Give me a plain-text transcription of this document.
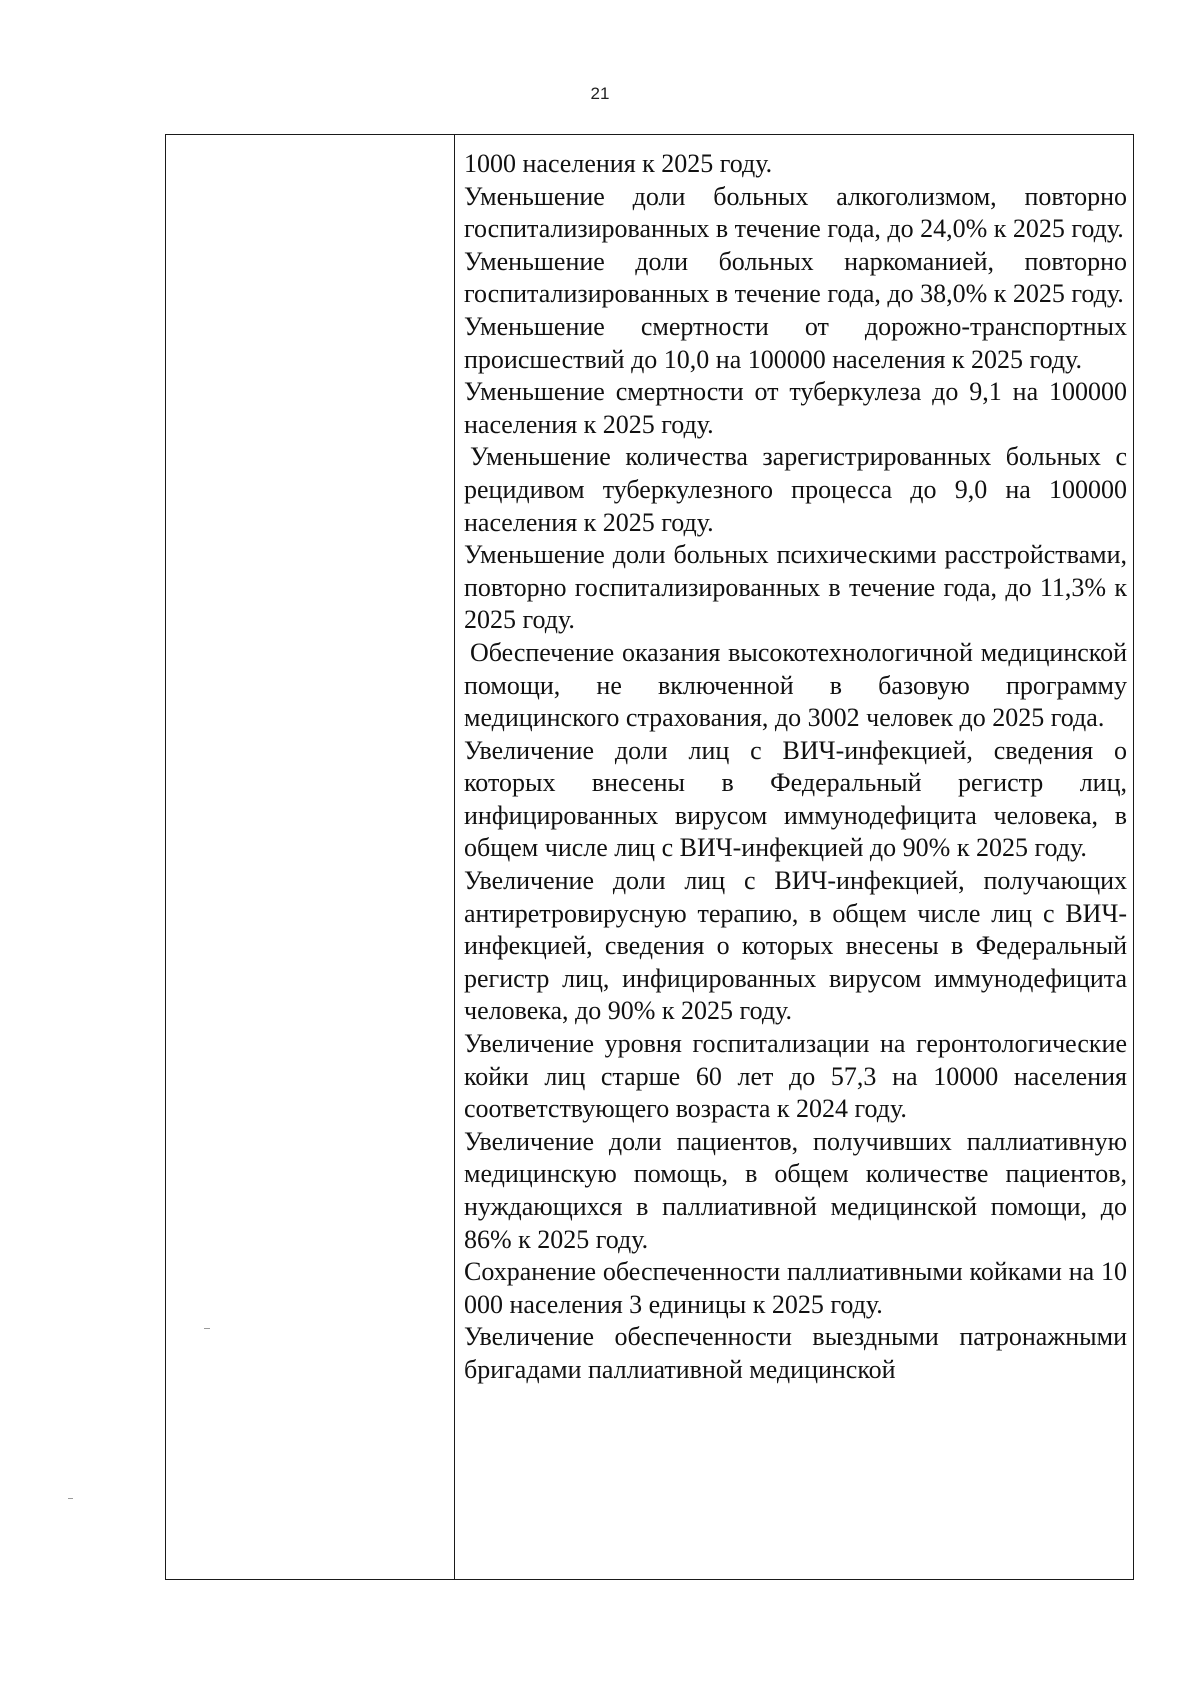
21

1000 населения к 2025 году.

Уменьшение доли больных алкоголизмом, повторно госпитализированных в течение года, до 24,0% к 2025 году.

Уменьшение доли больных наркоманией, повторно госпитализированных в течение года, до 38,0% к 2025 году.

Уменьшение смертности от дорожно-транспортных происшествий до 10,0 на 100000 населения к 2025 году.

Уменьшение смертности от туберкулеза до 9,1 на 100000 населения к 2025 году.

Уменьшение количества зарегистрированных больных с рецидивом туберкулезного процесса до 9,0 на 100000 населения к 2025 году.

Уменьшение доли больных психическими расстройствами, повторно госпитализированных в течение года, до 11,3% к 2025 году.

Обеспечение оказания высокотехнологичной медицинской помощи, не включенной в базовую программу медицинского страхования, до 3002 человек до 2025 года.

Увеличение доли лиц с ВИЧ-инфекцией, сведения о которых внесены в Федеральный регистр лиц, инфицированных вирусом иммунодефицита человека, в общем числе лиц с ВИЧ-инфекцией до 90% к 2025 году.

Увеличение доли лиц с ВИЧ-инфекцией, получающих антиретровирусную терапию, в общем числе лиц с ВИЧ-инфекцией, сведения о которых внесены в Федеральный регистр лиц, инфицированных вирусом иммунодефицита человека, до 90% к 2025 году.

Увеличение уровня госпитализации на геронтологические койки лиц старше 60 лет до 57,3 на 10000 населения соответствующего возраста к 2024 году.

Увеличение доли пациентов, получивших паллиативную медицинскую помощь, в общем количестве пациентов, нуждающихся в паллиативной медицинской помощи, до 86% к 2025 году.

Сохранение обеспеченности паллиативными койками на 10 000 населения 3 единицы к 2025 году.

Увеличение обеспеченности выездными патронажными бригадами паллиативной медицинской
